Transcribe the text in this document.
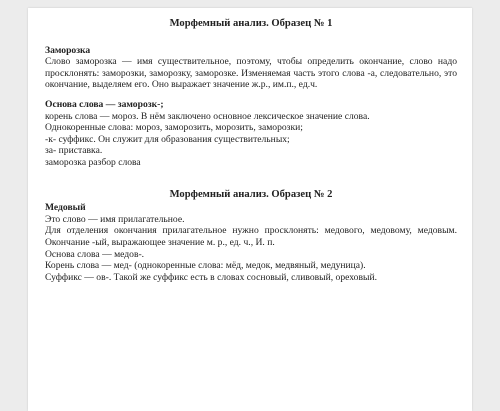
Морфемный анализ. Образец № 1

Заморозка

Слово заморозка — имя существительное, поэтому, чтобы определить окончание, слово надо просклонять: заморозки, заморозку, заморозке. Изменяемая часть этого слова -а, следовательно, это окончание, выделяем его. Оно выражает значение ж.р., им.п., ед.ч.

Основа слова — заморозк-;

корень слова — мороз. В нём заключено основное лексическое значение слова.

Однокоренные слова: мороз, заморозить, морозить, заморозки;

-к- суффикс. Он служит для образования существительных;

за- приставка.

заморозка разбор слова

Морфемный анализ. Образец № 2

Медовый

Это слово — имя прилагательное.

Для отделения окончания прилагательное нужно просклонять: медового, медовому, медовым. Окончание -ый, выражающее значение м. р., ед. ч., И. п.

Основа слова — медов-.

Корень слова — мед- (однокоренные слова: мёд, медок, медвяный, медуница).

Суффикс — ов-. Такой же суффикс есть в словах сосновый, сливовый, ореховый.
